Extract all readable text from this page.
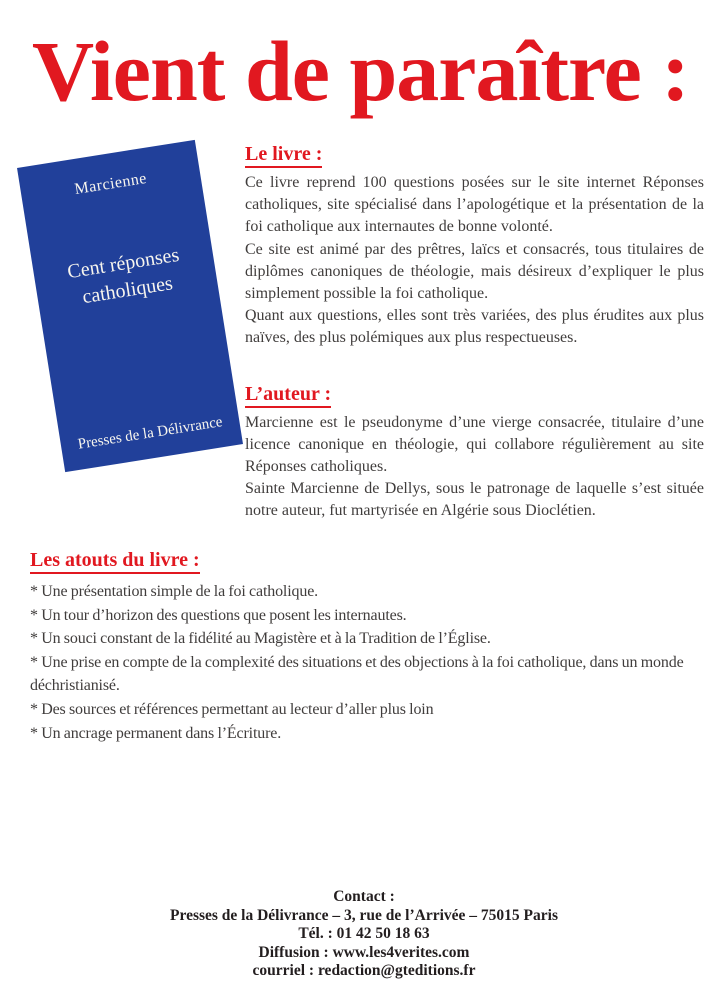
Vient de paraître :
Marcienne
Cent réponses
catholiques
Presses de la Délivrance
Le livre :

Ce livre reprend 100 questions posées sur le site internet Réponses catholiques, site spécialisé dans l’apologétique et la présentation de la foi catholique aux internautes de bonne volonté.

Ce site est animé par des prêtres, laïcs et consacrés, tous titulaires de diplômes canoniques de théologie, mais désireux d’expliquer le plus simplement possible la foi catholique.

Quant aux questions, elles sont très variées, des plus érudites aux plus naïves, des plus polémiques aux plus respectueuses.

L’auteur :

Marcienne est le pseudonyme d’une vierge consacrée, titulaire d’une licence canonique en théologie, qui collabore régulièrement au site Réponses catholiques.

Sainte Marcienne de Dellys, sous le patronage de laquelle s’est située notre auteur, fut martyrisée en Algérie sous Dioclétien.

Les atouts du livre :
* Une présentation simple de la foi catholique.
* Un tour d’horizon des questions que posent les internautes.
* Un souci constant de la fidélité au Magistère et à la Tradition de l’Église.
* Une prise en compte de la complexité des situations et des objections à la foi catholique, dans un monde déchristianisé.
* Des sources et références permettant au lecteur d’aller plus loin
* Un ancrage permanent dans l’Écriture.
Contact :
Presses de la Délivrance – 3, rue de l’Arrivée – 75015 Paris
Tél. : 01 42 50 18 63
Diffusion : www.les4verites.com
courriel : redaction@gteditions.fr
